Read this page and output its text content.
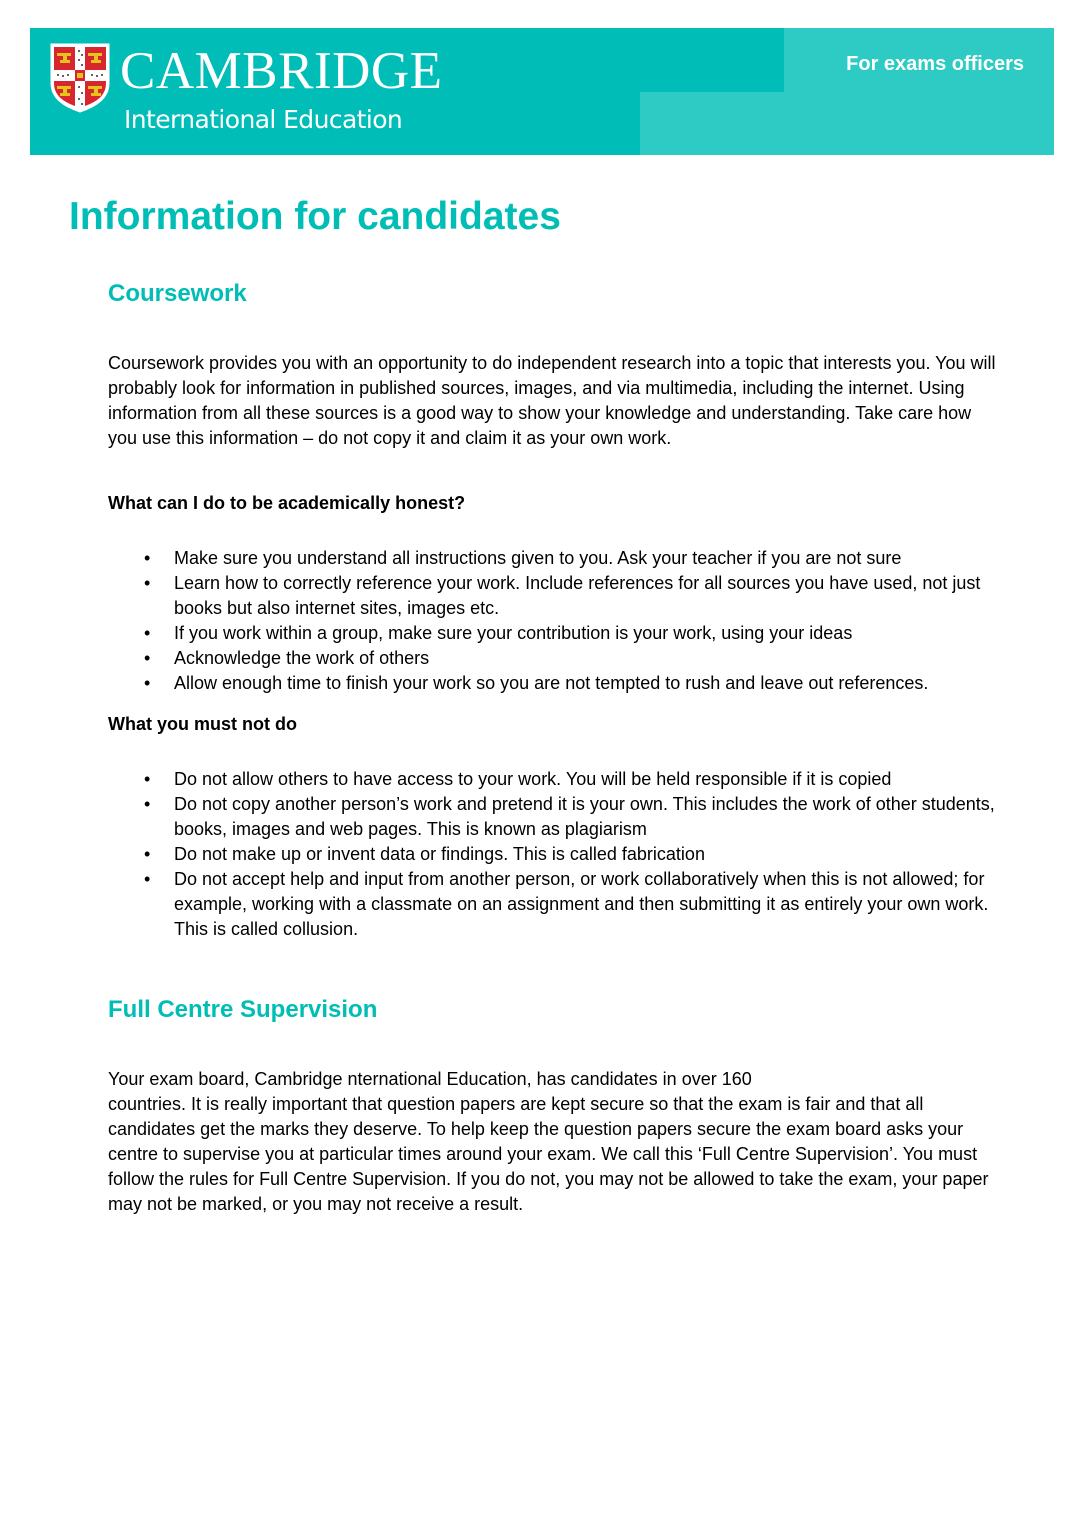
CAMBRIDGE
International Education
For exams officers
Information for candidates
Coursework

Coursework provides you with an opportunity to do independent research into a topic that interests you. You will probably look for information in published sources, images, and via multimedia, including the internet. Using information from all these sources is a good way to show your knowledge and understanding. Take care how you use this information – do not copy it and claim it as your own work.

What can I do to be academically honest?
• Make sure you understand all instructions given to you. Ask your teacher if you are not sure
• Learn how to correctly reference your work. Include references for all sources you have used, not just books but also internet sites, images etc.
• If you work within a group, make sure your contribution is your work, using your ideas
• Acknowledge the work of others
• Allow enough time to finish your work so you are not tempted to rush and leave out references.
What you must not do
• Do not allow others to have access to your work. You will be held responsible if it is copied
• Do not copy another person’s work and pretend it is your own. This includes the work of other students, books, images and web pages. This is known as plagiarism
• Do not make up or invent data or findings. This is called fabrication
• Do not accept help and input from another person, or work collaboratively when this is not allowed; for example, working with a classmate on an assignment and then submitting it as entirely your own work. This is called collusion.
Full Centre Supervision

Your exam board, Cambridge nternational Education, has candidates in over 160
countries. It is really important that question papers are kept secure so that the exam is fair and that all candidates get the marks they deserve. To help keep the question papers secure the exam board asks your centre to supervise you at particular times around your exam. We call this ‘Full Centre Supervision’. You must follow the rules for Full Centre Supervision. If you do not, you may not be allowed to take the exam, your paper may not be marked, or you may not receive a result.
